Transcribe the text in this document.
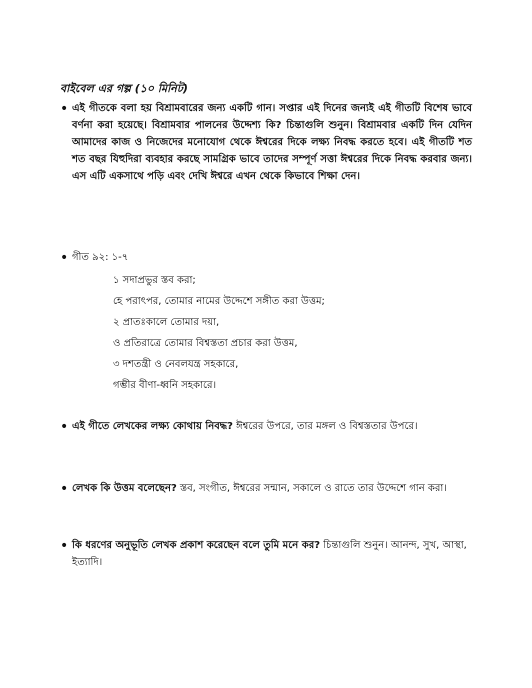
বাইবেল এর গল্প (১০ মিনিট)
• এই গীতকে বলা হয় বিশ্রামবারের জন্য একটি গান। সপ্তার এই দিনের জন্যই এই গীতটি বিশেষ ভাবে বর্ণনা করা হয়েছে। বিশ্রামবার পালনের উদ্দেশ্য কি? চিন্তাগুলি শুনুন। বিশ্রামবার একটি দিন যেদিন আমাদের কাজ ও নিজেদের মনোযোগ থেকে ঈশ্বরের দিকে লক্ষ্য নিবদ্ধ করতে হবে। এই গীতটি শত শত বছর যিহুদিরা ব্যবহার করছে সামগ্রিক ভাবে তাদের সম্পূর্ণ সত্তা ঈশ্বরের দিকে নিবদ্ধ করবার জন্য। এস এটি একসাথে পড়ি এবং দেখি ঈশ্বরে এখন থেকে কিভাবে শিক্ষা দেন।
• গীত ৯২: ১-৭
• এই গীতে লেখকের লক্ষ্য কোথায় নিবদ্ধ? ঈশ্বরের উপরে, তার মঙ্গল ও বিশ্বস্ততার উপরে।
• লেখক কি উত্তম বলেছেন? স্তব, সংগীত, ঈশ্বরের সন্মান, সকালে ও রাতে তার উদ্দেশে গান করা।
• কি ধরণের অনুভূতি লেখক প্রকাশ করেছেন বলে তুমি মনে কর? চিন্তাগুলি শুনুন। আনন্দ, সুখ, আস্থা, ইত্যাদি।
১ সদাপ্রভুর স্তব করা;
হে পরাৎপর, তোমার নামের উদ্দেশে সঙ্গীত করা উত্তম;
২ প্রাতঃকালে তোমার দয়া,
ও প্রতিরাত্রে তোমার বিশ্বস্ততা প্রচার করা উত্তম,
৩ দশতন্ত্রী ও নেবলযন্ত্র সহকারে,
গম্ভীর বীণা-ধ্বনি সহকারে।
